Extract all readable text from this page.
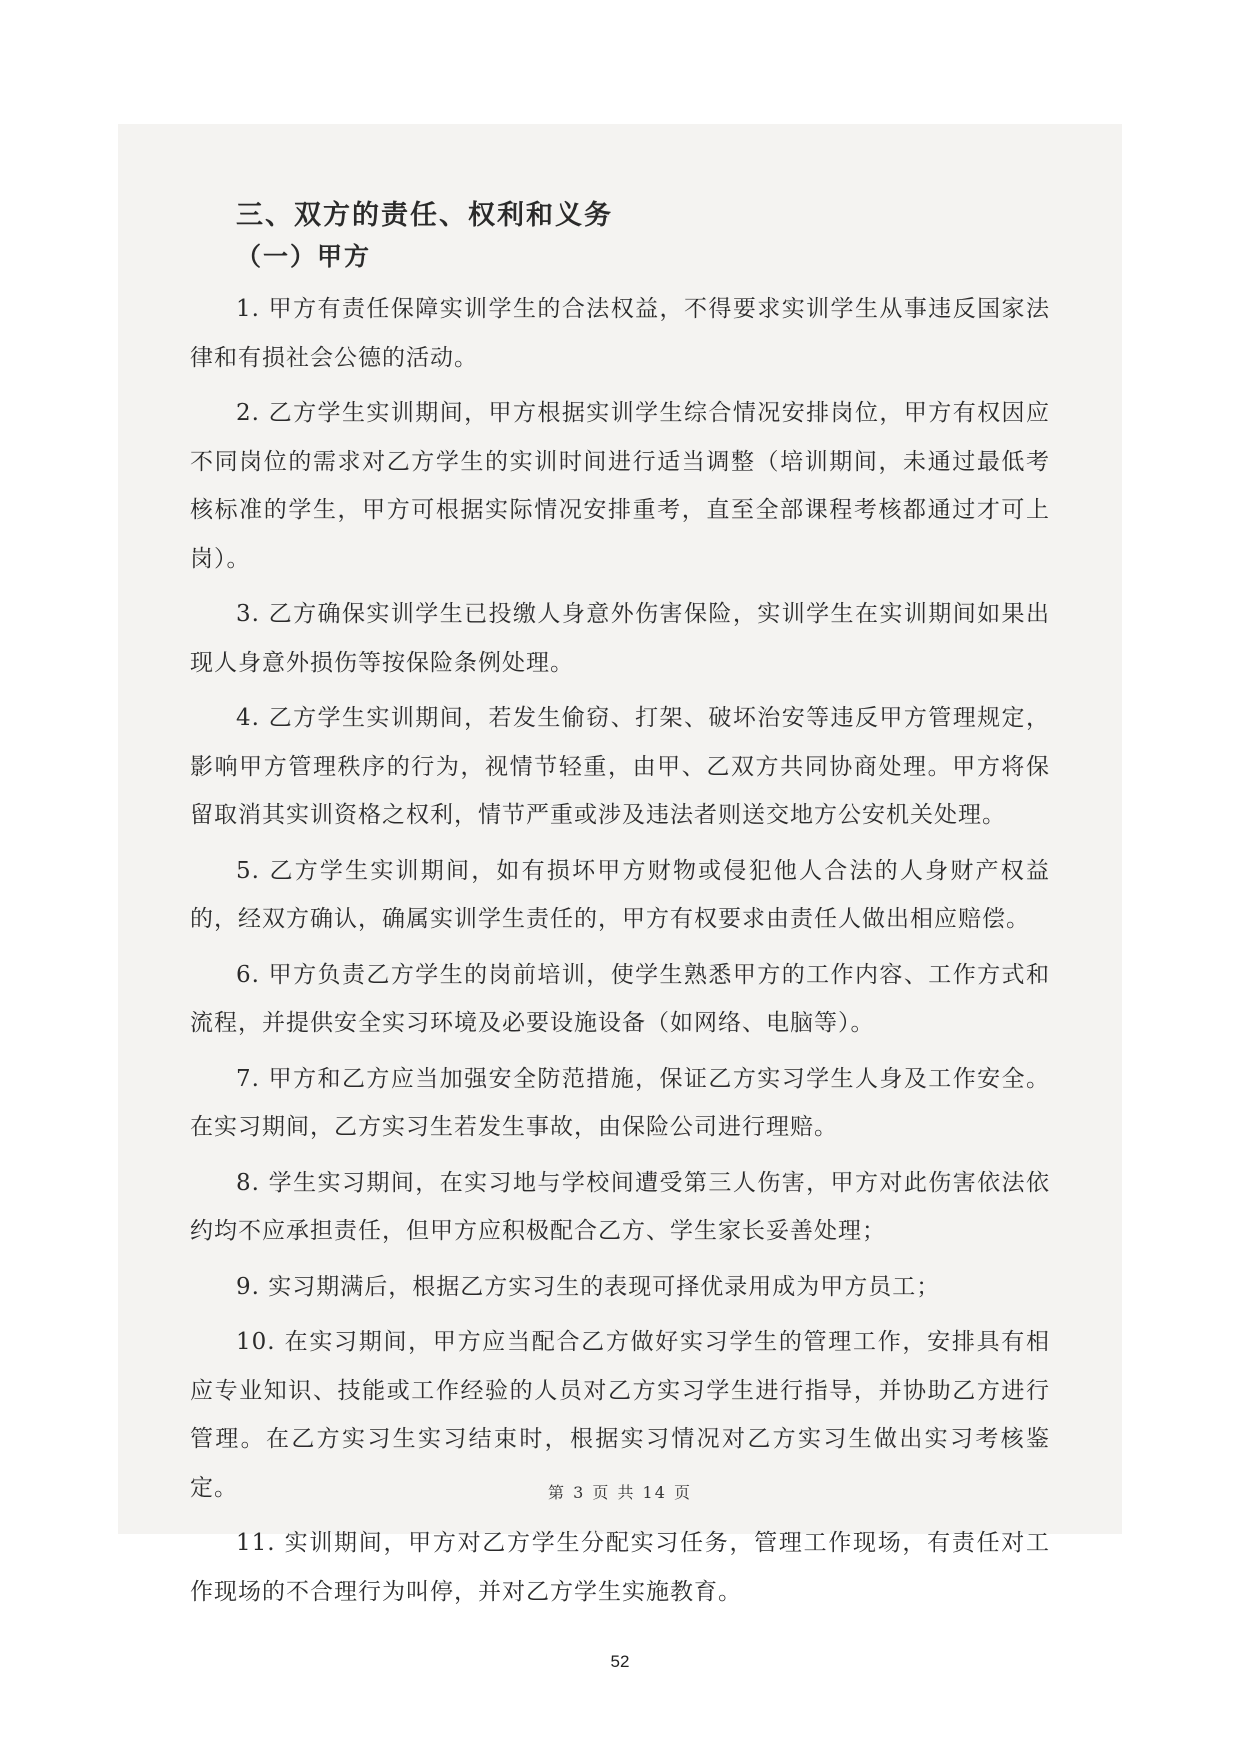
三、双方的责任、权利和义务
（一）甲方

1. 甲方有责任保障实训学生的合法权益，不得要求实训学生从事违反国家法律和有损社会公德的活动。

2. 乙方学生实训期间，甲方根据实训学生综合情况安排岗位，甲方有权因应不同岗位的需求对乙方学生的实训时间进行适当调整（培训期间，未通过最低考核标准的学生，甲方可根据实际情况安排重考，直至全部课程考核都通过才可上岗）。

3. 乙方确保实训学生已投缴人身意外伤害保险，实训学生在实训期间如果出现人身意外损伤等按保险条例处理。

4. 乙方学生实训期间，若发生偷窃、打架、破坏治安等违反甲方管理规定，影响甲方管理秩序的行为，视情节轻重，由甲、乙双方共同协商处理。甲方将保留取消其实训资格之权利，情节严重或涉及违法者则送交地方公安机关处理。

5. 乙方学生实训期间，如有损坏甲方财物或侵犯他人合法的人身财产权益的，经双方确认，确属实训学生责任的，甲方有权要求由责任人做出相应赔偿。

6. 甲方负责乙方学生的岗前培训，使学生熟悉甲方的工作内容、工作方式和流程，并提供安全实习环境及必要设施设备（如网络、电脑等）。

7. 甲方和乙方应当加强安全防范措施，保证乙方实习学生人身及工作安全。在实习期间，乙方实习生若发生事故，由保险公司进行理赔。

8. 学生实习期间，在实习地与学校间遭受第三人伤害，甲方对此伤害依法依约均不应承担责任，但甲方应积极配合乙方、学生家长妥善处理；

9. 实习期满后，根据乙方实习生的表现可择优录用成为甲方员工；

10. 在实习期间，甲方应当配合乙方做好实习学生的管理工作，安排具有相应专业知识、技能或工作经验的人员对乙方实习学生进行指导，并协助乙方进行管理。在乙方实习生实习结束时，根据实习情况对乙方实习生做出实习考核鉴定。

11. 实训期间，甲方对乙方学生分配实习任务，管理工作现场，有责任对工作现场的不合理行为叫停，并对乙方学生实施教育。

第 3 页 共 14 页

52
